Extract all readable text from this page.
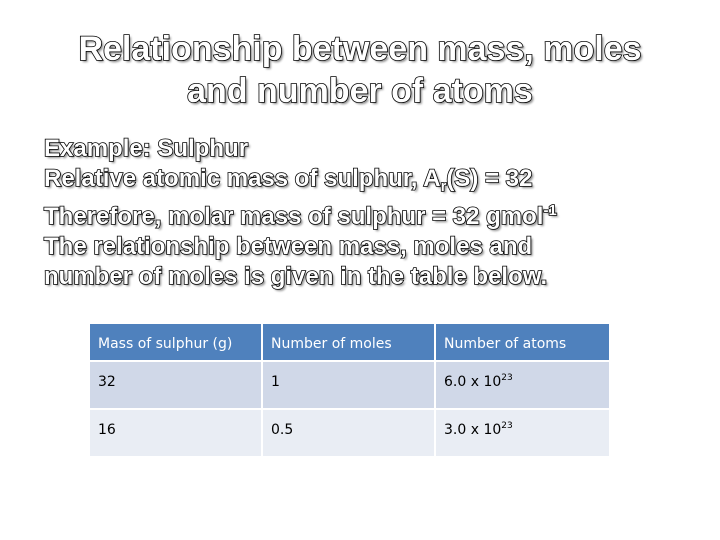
Relationship between mass, moles
and number of atoms
Example: Sulphur
Relative atomic mass of sulphur, $A_r(S) = 32$
Therefore, molar mass of sulphur = 32 gmol$^{-1}$
The relationship between mass, moles and
number of moles is given in the table below.
Mass of sulphur (g)	Number of moles	Number of atoms
32	1	6.0 x $10^{23}$
16	0.5	3.0 x $10^{23}$
